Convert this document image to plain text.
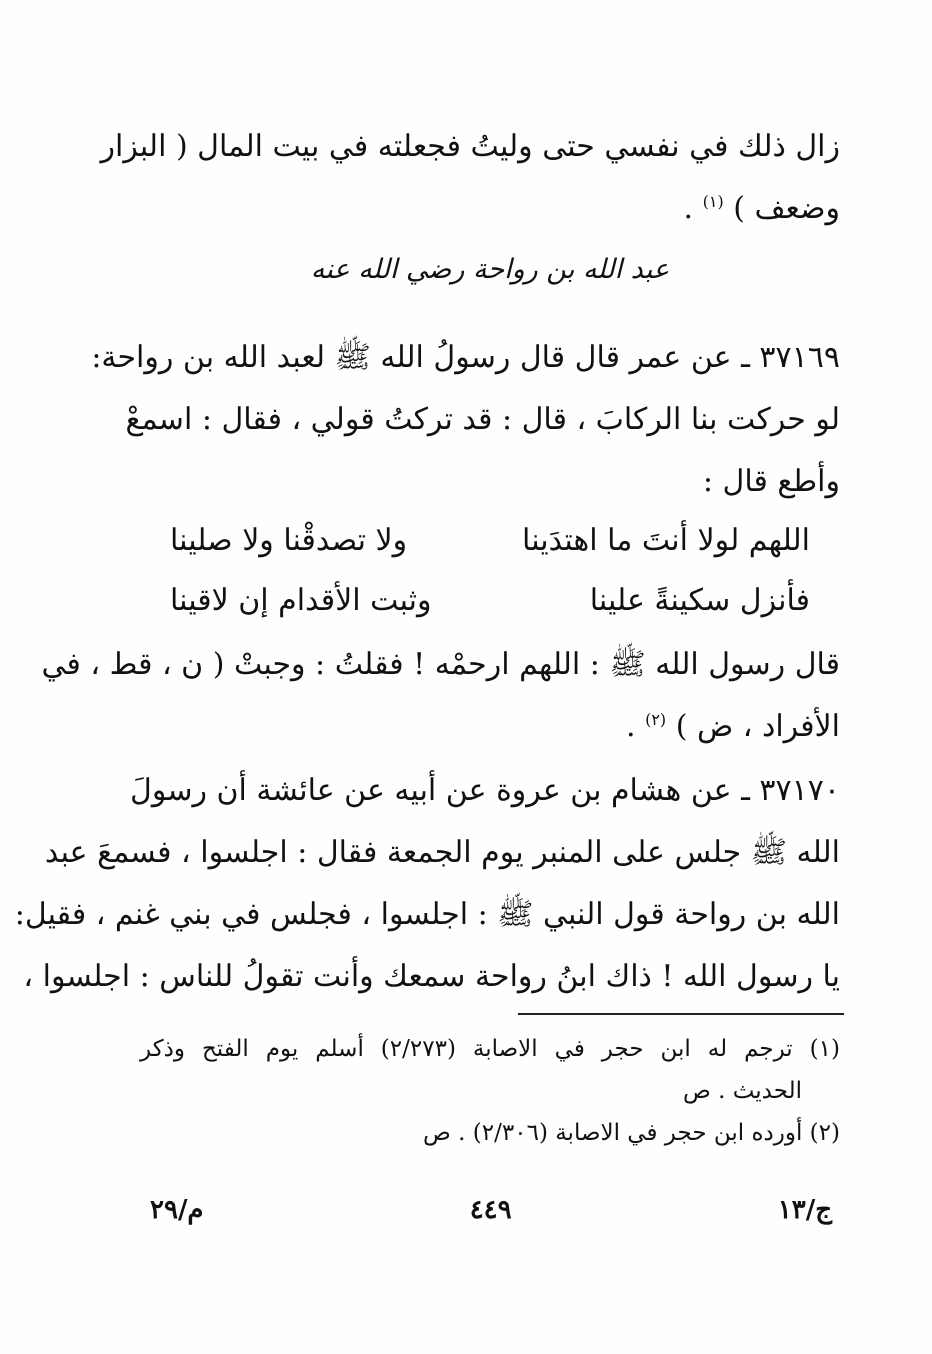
زال ذلك في نفسي حتى وليتُ فجعلته في بيت المال ( البزار
وضعف ) $^{(١)}$ .
عبد الله بن رواحة رضي الله عنه
٣٧١٦٩ ـ عن عمر قال قال رسولُ الله ﷺ لعبد الله بن رواحة:
لو حركت بنا الركابَ ، قال : قد تركتُ قولي ، فقال : اسمعْ
وأطع قال :
اللهم لولا أنتَ ما اهتدَينا
ولا تصدقْنا ولا صلينا
فأنزل سكينةً علينا
وثبت الأقدام إن لاقينا
قال رسول الله ﷺ : اللهم ارحمْه ! فقلتُ : وجبتْ ( ن ، قط ، في
الأفراد ، ض ) $^{(٢)}$ .
٣٧١٧٠ ـ عن هشام بن عروة عن أبيه عن عائشة أن رسولَ
الله ﷺ جلس على المنبر يوم الجمعة فقال : اجلسوا ، فسمعَ عبد
الله بن رواحة قول النبي ﷺ : اجلسوا ، فجلس في بني غنم ، فقيل:
يا رسول الله ! ذاك ابنُ رواحة سمعك وأنت تقولُ للناس : اجلسوا ،
(١) ترجم له ابن حجر في الاصابة (٢/٢٧٣) أسلم يوم الفتح وذكر
الحديث . ص
(٢) أورده ابن حجر في الاصابة (٢/٣٠٦) . ص
ج/١٣
٤٤٩
م/٢٩
